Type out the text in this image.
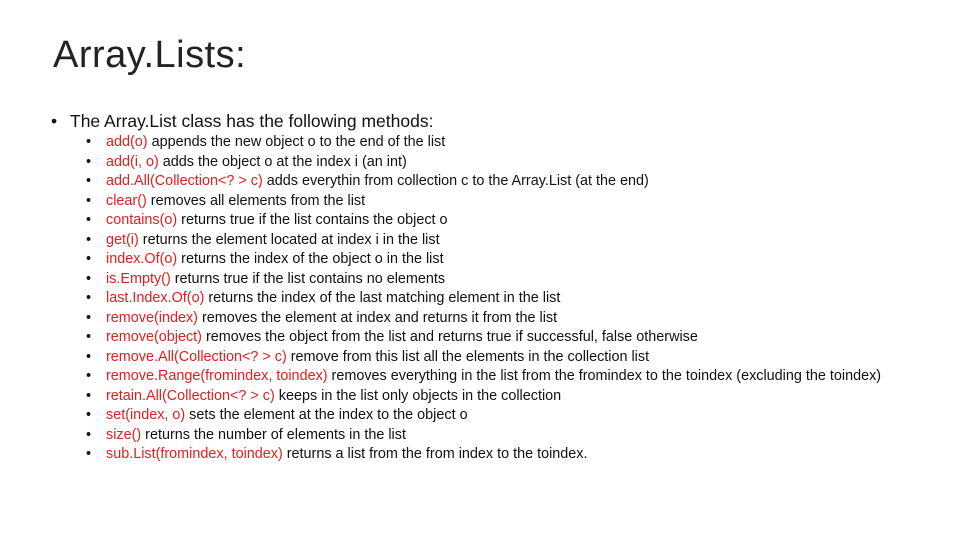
Array.Lists:
• The Array.List class has the following methods:
• add(o) appends the new object o to the end of the list
• add(i, o) adds the object o at the index i (an int)
• add.All(Collection<? > c) adds everythin from collection c to the Array.List (at the end)
• clear() removes all elements from the list
• contains(o) returns true if the list contains the object o
• get(i) returns the element located at index i in the list
• index.Of(o) returns the index of the object o in the list
• is.Empty() returns true if the list contains no elements
• last.Index.Of(o) returns the index of the last matching element in the list
• remove(index) removes the element at index and returns it from the list
• remove(object) removes the object from the list and returns true if successful, false otherwise
• remove.All(Collection<? > c) remove from this list all the elements in the collection list
• remove.Range(fromindex, toindex) removes everything in the list from the fromindex to the toindex (excluding the toindex)
• retain.All(Collection<? > c) keeps in the list only objects in the collection
• set(index, o) sets the element at the index to the object o
• size() returns the number of elements in the list
• sub.List(fromindex, toindex) returns a list from the from index to the toindex.
